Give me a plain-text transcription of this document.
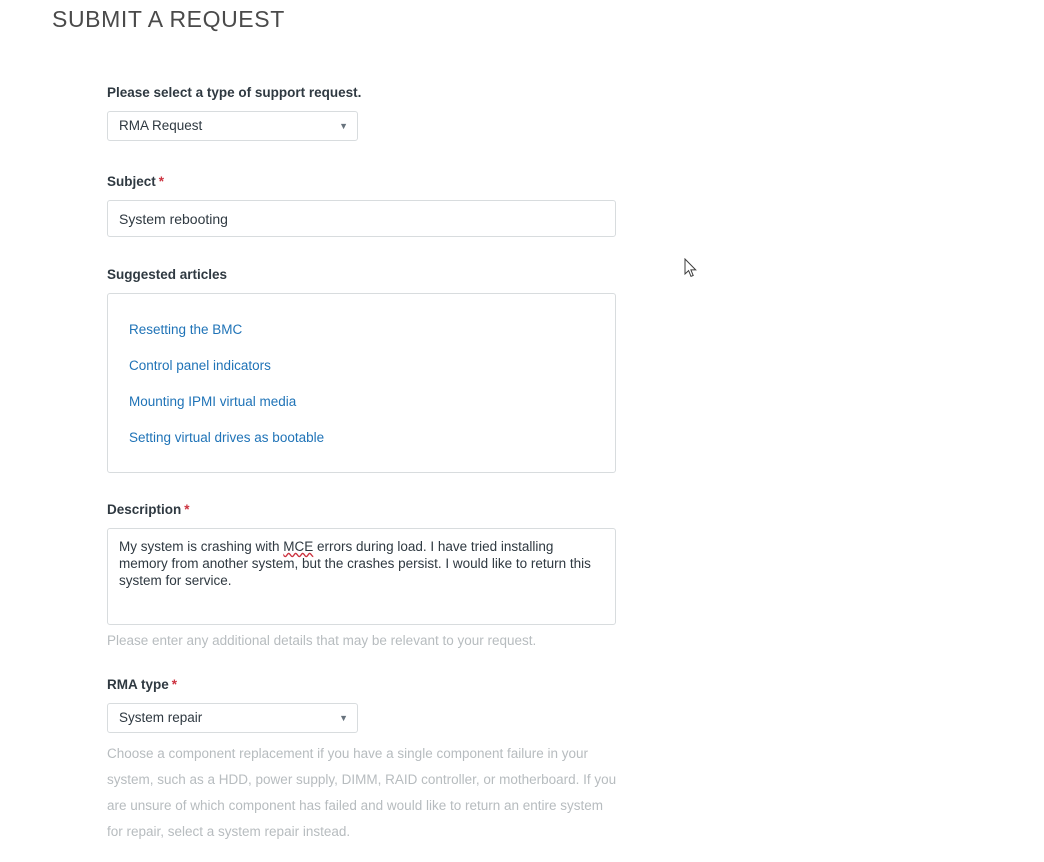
SUBMIT A REQUEST
Please select a type of support request.
RMA Request	▼
Subject *
System rebooting
Suggested articles
Resetting the BMC
Control panel indicators
Mounting IPMI virtual media
Setting virtual drives as bootable
Description *
My system is crashing with MCE errors during load. I have tried installing memory from another system, but the crashes persist. I would like to return this system for service.
Please enter any additional details that may be relevant to your request.
RMA type *
System repair	▼
Choose a component replacement if you have a single component failure in your system, such as a HDD, power supply, DIMM, RAID controller, or motherboard. If you are unsure of which component has failed and would like to return an entire system for repair, select a system repair instead.
